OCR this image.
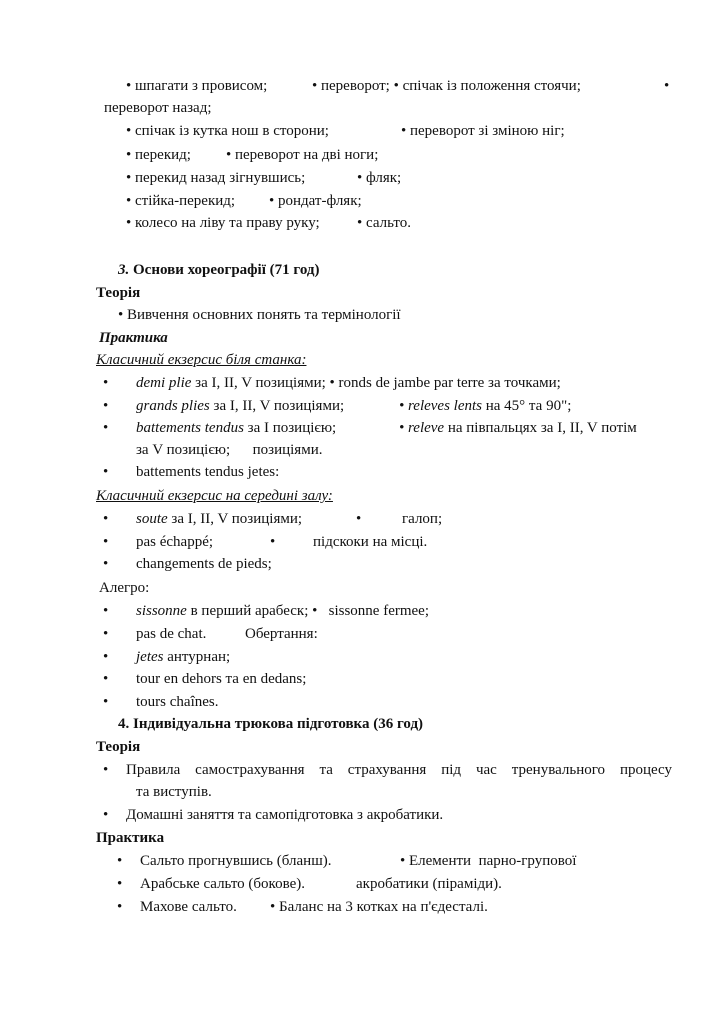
• шпагати з провисом;	• переворот; • спічак із положення стоячи;	•
переворот назад;
• спічак із кутка нош в сторони;	• переворот зі зміною ніг;
• перекид; • переворот на дві ноги;
• перекид назад зігнувшись;	• фляк;
• стійка-перекид; • рондат-фляк;
• колесо на ліву та праву руку; • сальто.
3. Основи хореографії (71 год)
Теорія
• Вивчення основних понять та термінології
Практика
Класичний екзерсис біля станка:
• demi plie за I, II, V позиціями; • ronds de jambe par terre за точками;
• grands plies за I, II, V позиціями;	• releves lents на 45° та 90";
• battements tendus за I позицією;	• releve на півпальцях за I, II, V потім
за V позицією;      позиціями.
• battements tendus jetes:
Класичний екзерсис на середині залу:
• soute за I, II, V позиціями;	•	галоп;
• pas échappé;	•	підскоки на місці.
• changements de pieds;
Алегро:
• sissonne в перший арабеск; •   sissonne fermee;
• pas de chat.	Обертання:
• jetes антурнан;
• tour en dehors та en dedans;
• tours chaînes.
4. Індивідуальна трюкова підготовка (36 год)
Теорія
• Правила самострахування та страхування під час тренувального процесу
та виступів.
• Домашні заняття та самопідготовка з акробатики.
Практика
• Сальто прогнувшись (бланш).	• Елементи  парно-групової
• Арабське сальто (бокове).	акробатики (піраміди).
• Махове сальто. • Баланс на 3 котках на п'єдесталі.
